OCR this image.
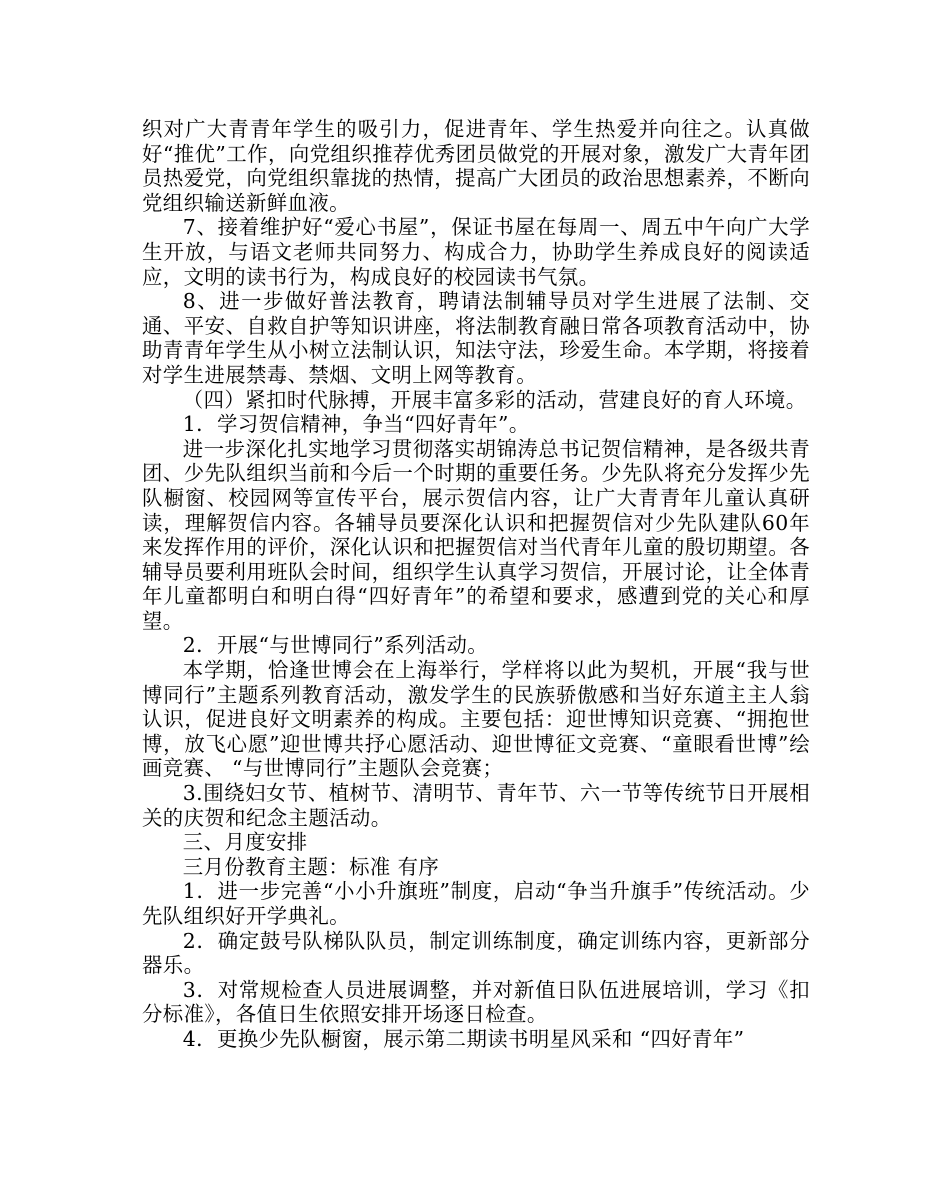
织对广大青青年学生的吸引力，促进青年、学生热爱并向往之。认真做好“推优”工作，向党组织推荐优秀团员做党的开展对象，激发广大青年团员热爱党，向党组织靠拢的热情，提高广大团员的政治思想素养，不断向党组织输送新鲜血液。

7、接着维护好“爱心书屋”，保证书屋在每周一、周五中午向广大学生开放，与语文老师共同努力、构成合力，协助学生养成良好的阅读适应，文明的读书行为，构成良好的校园读书气氛。

8、进一步做好普法教育，聘请法制辅导员对学生进展了法制、交通、平安、自救自护等知识讲座，将法制教育融日常各项教育活动中，协助青青年学生从小树立法制认识，知法守法，珍爱生命。本学期，将接着对学生进展禁毒、禁烟、文明上网等教育。

（四）紧扣时代脉搏，开展丰富多彩的活动，营建良好的育人环境。

1．学习贺信精神，争当“四好青年”。

进一步深化扎实地学习贯彻落实胡锦涛总书记贺信精神，是各级共青团、少先队组织当前和今后一个时期的重要任务。少先队将充分发挥少先队橱窗、校园网等宣传平台，展示贺信内容，让广大青青年儿童认真研读，理解贺信内容。各辅导员要深化认识和把握贺信对少先队建队60年来发挥作用的评价，深化认识和把握贺信对当代青年儿童的殷切期望。各辅导员要利用班队会时间，组织学生认真学习贺信，开展讨论，让全体青年儿童都明白和明白得“四好青年”的希望和要求，感遭到党的关心和厚望。

2．开展“与世博同行”系列活动。

本学期，恰逢世博会在上海举行，学样将以此为契机，开展“我与世博同行”主题系列教育活动，激发学生的民族骄傲感和当好东道主主人翁认识，促进良好文明素养的构成。主要包括：迎世博知识竞赛、“拥抱世博，放飞心愿”迎世博共抒心愿活动、迎世博征文竞赛、“童眼看世博”绘画竞赛、 “与世博同行”主题队会竞赛；

3.围绕妇女节、植树节、清明节、青年节、六一节等传统节日开展相关的庆贺和纪念主题活动。

三、月度安排

三月份教育主题：标准 有序

1．进一步完善“小小升旗班”制度，启动“争当升旗手”传统活动。少先队组织好开学典礼。

2．确定鼓号队梯队队员，制定训练制度，确定训练内容，更新部分器乐。

3．对常规检查人员进展调整，并对新值日队伍进展培训，学习《扣分标准》，各值日生依照安排开场逐日检查。

4．更换少先队橱窗，展示第二期读书明星风采和 “四好青年”
